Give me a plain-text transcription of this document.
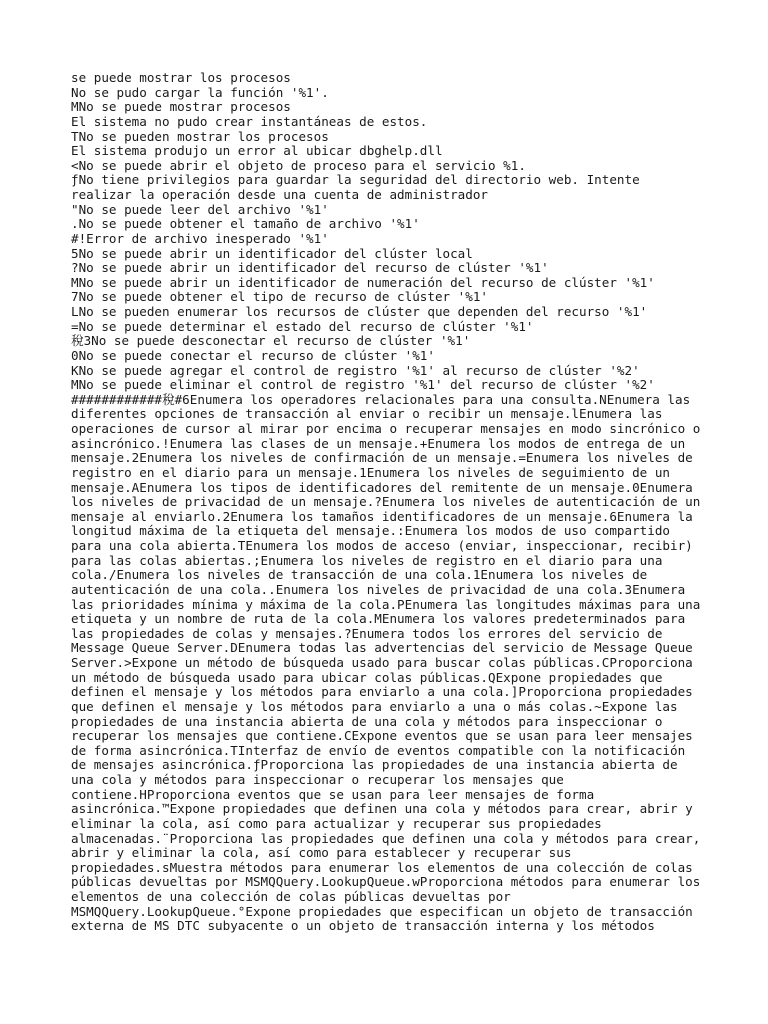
se puede mostrar los procesos
No se pudo cargar la función '%1'.
MNo se puede mostrar procesos
El sistema no pudo crear instantáneas de estos.
TNo se pueden mostrar los procesos
El sistema produjo un error al ubicar dbghelp.dll
<No se puede abrir el objeto de proceso para el servicio %1.
ƒNo tiene privilegios para guardar la seguridad del directorio web. Intente
realizar la operación desde una cuenta de administrador
"No se puede leer del archivo '%1'
.No se puede obtener el tamaño de archivo '%1'
#!Error de archivo inesperado '%1'
5No se puede abrir un identificador del clúster local
?No se puede abrir un identificador del recurso de clúster '%1'
MNo se puede abrir un identificador de numeración del recurso de clúster '%1'
7No se puede obtener el tipo de recurso de clúster '%1'
LNo se pueden enumerar los recursos de clúster que dependen del recurso '%1'
=No se puede determinar el estado del recurso de clúster '%1'
稅3No se puede desconectar el recurso de clúster '%1'
0No se puede conectar el recurso de clúster '%1'
KNo se puede agregar el control de registro '%1' al recurso de clúster '%2'
MNo se puede eliminar el control de registro '%1' del recurso de clúster '%2'
############稅#6Enumera los operadores relacionales para una consulta.NEnumera las
diferentes opciones de transacción al enviar o recibir un mensaje.lEnumera las
operaciones de cursor al mirar por encima o recuperar mensajes en modo sincrónico o
asincrónico.!Enumera las clases de un mensaje.+Enumera los modos de entrega de un
mensaje.2Enumera los niveles de confirmación de un mensaje.=Enumera los niveles de
registro en el diario para un mensaje.1Enumera los niveles de seguimiento de un
mensaje.AEnumera los tipos de identificadores del remitente de un mensaje.0Enumera
los niveles de privacidad de un mensaje.?Enumera los niveles de autenticación de un
mensaje al enviarlo.2Enumera los tamaños identificadores de un mensaje.6Enumera la
longitud máxima de la etiqueta del mensaje.:Enumera los modos de uso compartido
para una cola abierta.TEnumera los modos de acceso (enviar, inspeccionar, recibir)
para las colas abiertas.;Enumera los niveles de registro en el diario para una
cola./Enumera los niveles de transacción de una cola.1Enumera los niveles de
autenticación de una cola..Enumera los niveles de privacidad de una cola.3Enumera
las prioridades mínima y máxima de la cola.PEnumera las longitudes máximas para una
etiqueta y un nombre de ruta de la cola.MEnumera los valores predeterminados para
las propiedades de colas y mensajes.?Enumera todos los errores del servicio de
Message Queue Server.DEnumera todas las advertencias del servicio de Message Queue
Server.>Expone un método de búsqueda usado para buscar colas públicas.CProporciona
un método de búsqueda usado para ubicar colas públicas.QExpone propiedades que
definen el mensaje y los métodos para enviarlo a una cola.]Proporciona propiedades
que definen el mensaje y los métodos para enviarlo a una o más colas.~Expone las
propiedades de una instancia abierta de una cola y métodos para inspeccionar o
recuperar los mensajes que contiene.CExpone eventos que se usan para leer mensajes
de forma asincrónica.TInterfaz de envío de eventos compatible con la notificación
de mensajes asincrónica.ƒProporciona las propiedades de una instancia abierta de
una cola y métodos para inspeccionar o recuperar los mensajes que
contiene.HProporciona eventos que se usan para leer mensajes de forma
asincrónica.™Expone propiedades que definen una cola y métodos para crear, abrir y
eliminar la cola, así como para actualizar y recuperar sus propiedades
almacenadas.¨Proporciona las propiedades que definen una cola y métodos para crear,
abrir y eliminar la cola, así como para establecer y recuperar sus
propiedades.sMuestra métodos para enumerar los elementos de una colección de colas
públicas devueltas por MSMQQuery.LookupQueue.wProporciona métodos para enumerar los
elementos de una colección de colas públicas devueltas por
MSMQQuery.LookupQueue.°Expone propiedades que especifican un objeto de transacción
externa de MS DTC subyacente o un objeto de transacción interna y los métodos
